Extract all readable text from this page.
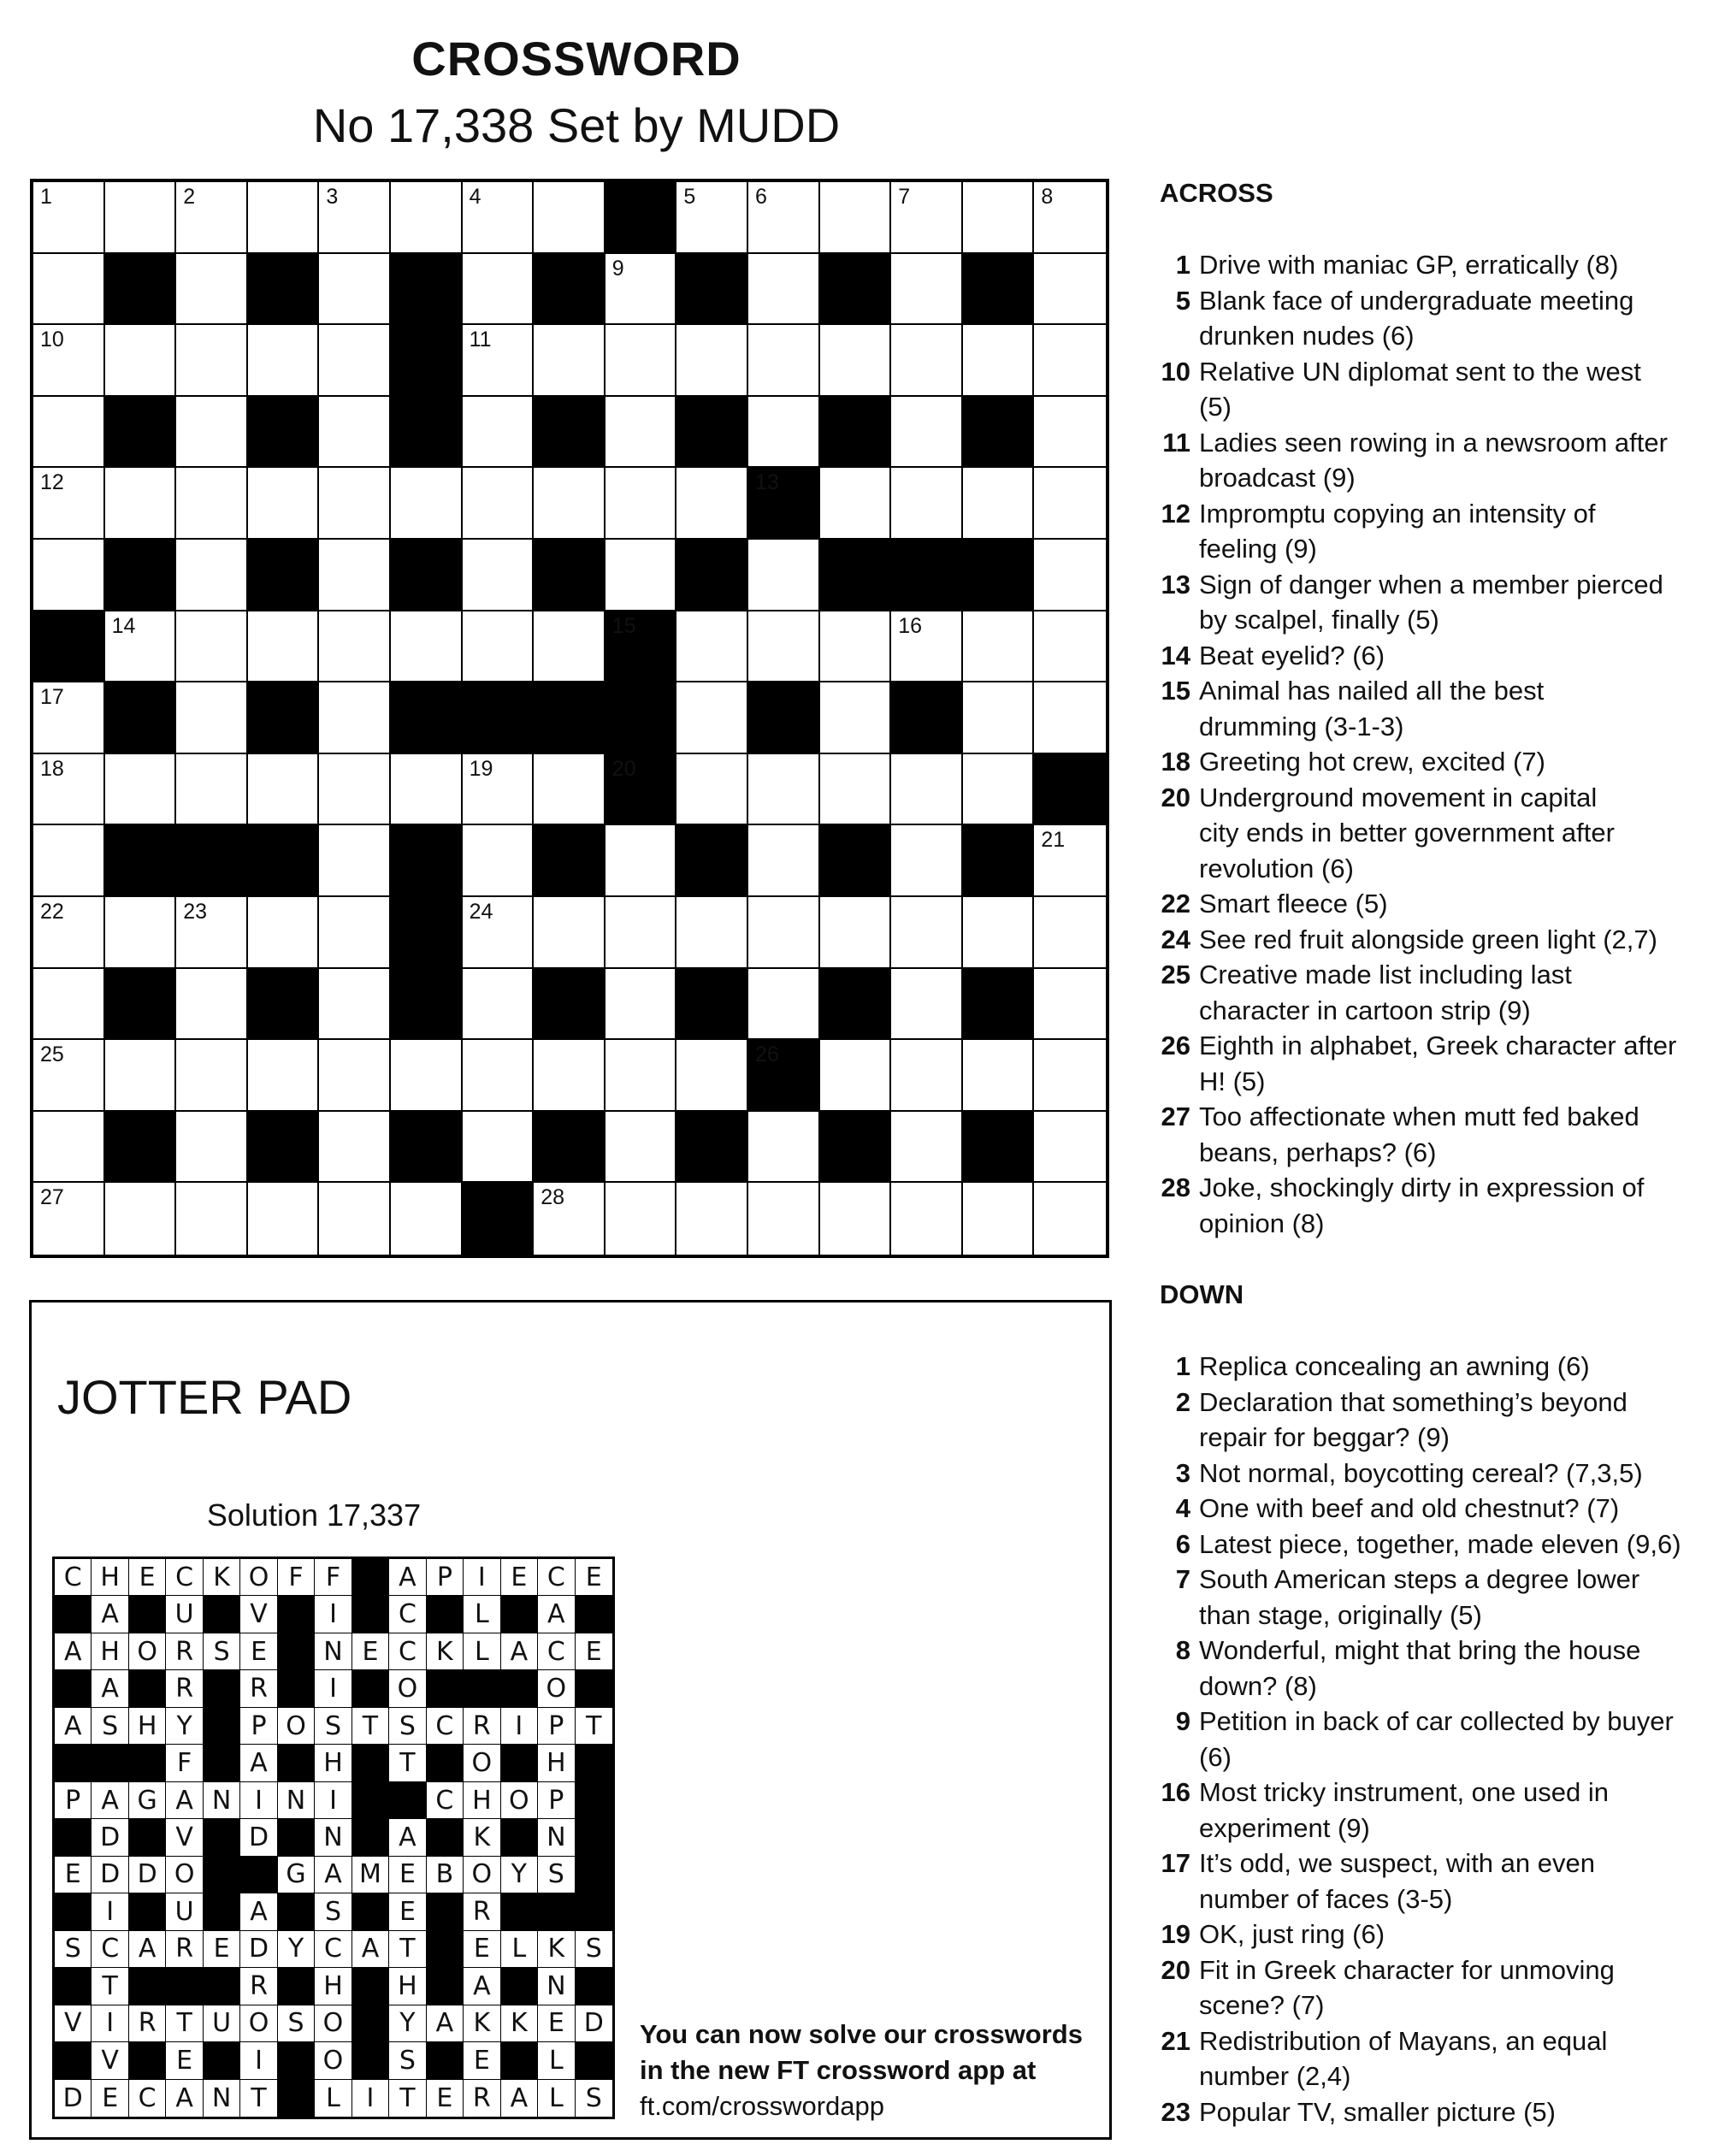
CROSSWORD
No 17,338 Set by MUDD
1	2	3	4	5	6	7	8
9
10	11
12	13
14	15	16
17
18	19	20
21
22	23	24
25	26
27	28
ACROSS
1 Drive with maniac GP, erratically (8)
5 Blank face of undergraduate meeting
drunken nudes (6)
10 Relative UN diplomat sent to the west
(5)
11 Ladies seen rowing in a newsroom after
broadcast (9)
12 Impromptu copying an intensity of
feeling (9)
13 Sign of danger when a member pierced
by scalpel, finally (5)
14 Beat eyelid? (6)
15 Animal has nailed all the best
drumming (3-1-3)
18 Greeting hot crew, excited (7)
20 Underground movement in capital
city ends in better government after
revolution (6)
22 Smart fleece (5)
24 See red fruit alongside green light (2,7)
25 Creative made list including last
character in cartoon strip (9)
26 Eighth in alphabet, Greek character after
H! (5)
27 Too affectionate when mutt fed baked
beans, perhaps? (6)
28 Joke, shockingly dirty in expression of
opinion (8)
DOWN
1 Replica concealing an awning (6)
2 Declaration that something’s beyond
repair for beggar? (9)
3 Not normal, boycotting cereal? (7,3,5)
4 One with beef and old chestnut? (7)
6 Latest piece, together, made eleven (9,6)
7 South American steps a degree lower
than stage, originally (5)
8 Wonderful, might that bring the house
down? (8)
9 Petition in back of car collected by buyer
(6)
16 Most tricky instrument, one used in
experiment (9)
17 It’s odd, we suspect, with an even
number of faces (3-5)
19 OK, just ring (6)
20 Fit in Greek character for unmoving
scene? (7)
21 Redistribution of Mayans, an equal
number (2,4)
23 Popular TV, smaller picture (5)
JOTTER PAD
Solution 17,337
C H E C K O F F	A P I E C E
A	U	V	I	C	L	A
A H O R S E	N E C K L A C E
A	R	R	I	O	O
A S H Y	P O S T S C R I	P T
F	A	H	T	O	H
P A G A N I N I	C H O P
D	V	D	N	A	K	N
E D D O	G A M E B O Y S
I	U	A	S	E	R
S C A R E D Y C A T	E L K S
T	R	H	H	A	N
V I R T U O S O	Y A K K E D
V	E	I	O	S	E	L
D E C A N T	L	I T E R A L S
You can now solve our crosswords
in the new FT crossword app at
ft.com/crosswordapp
